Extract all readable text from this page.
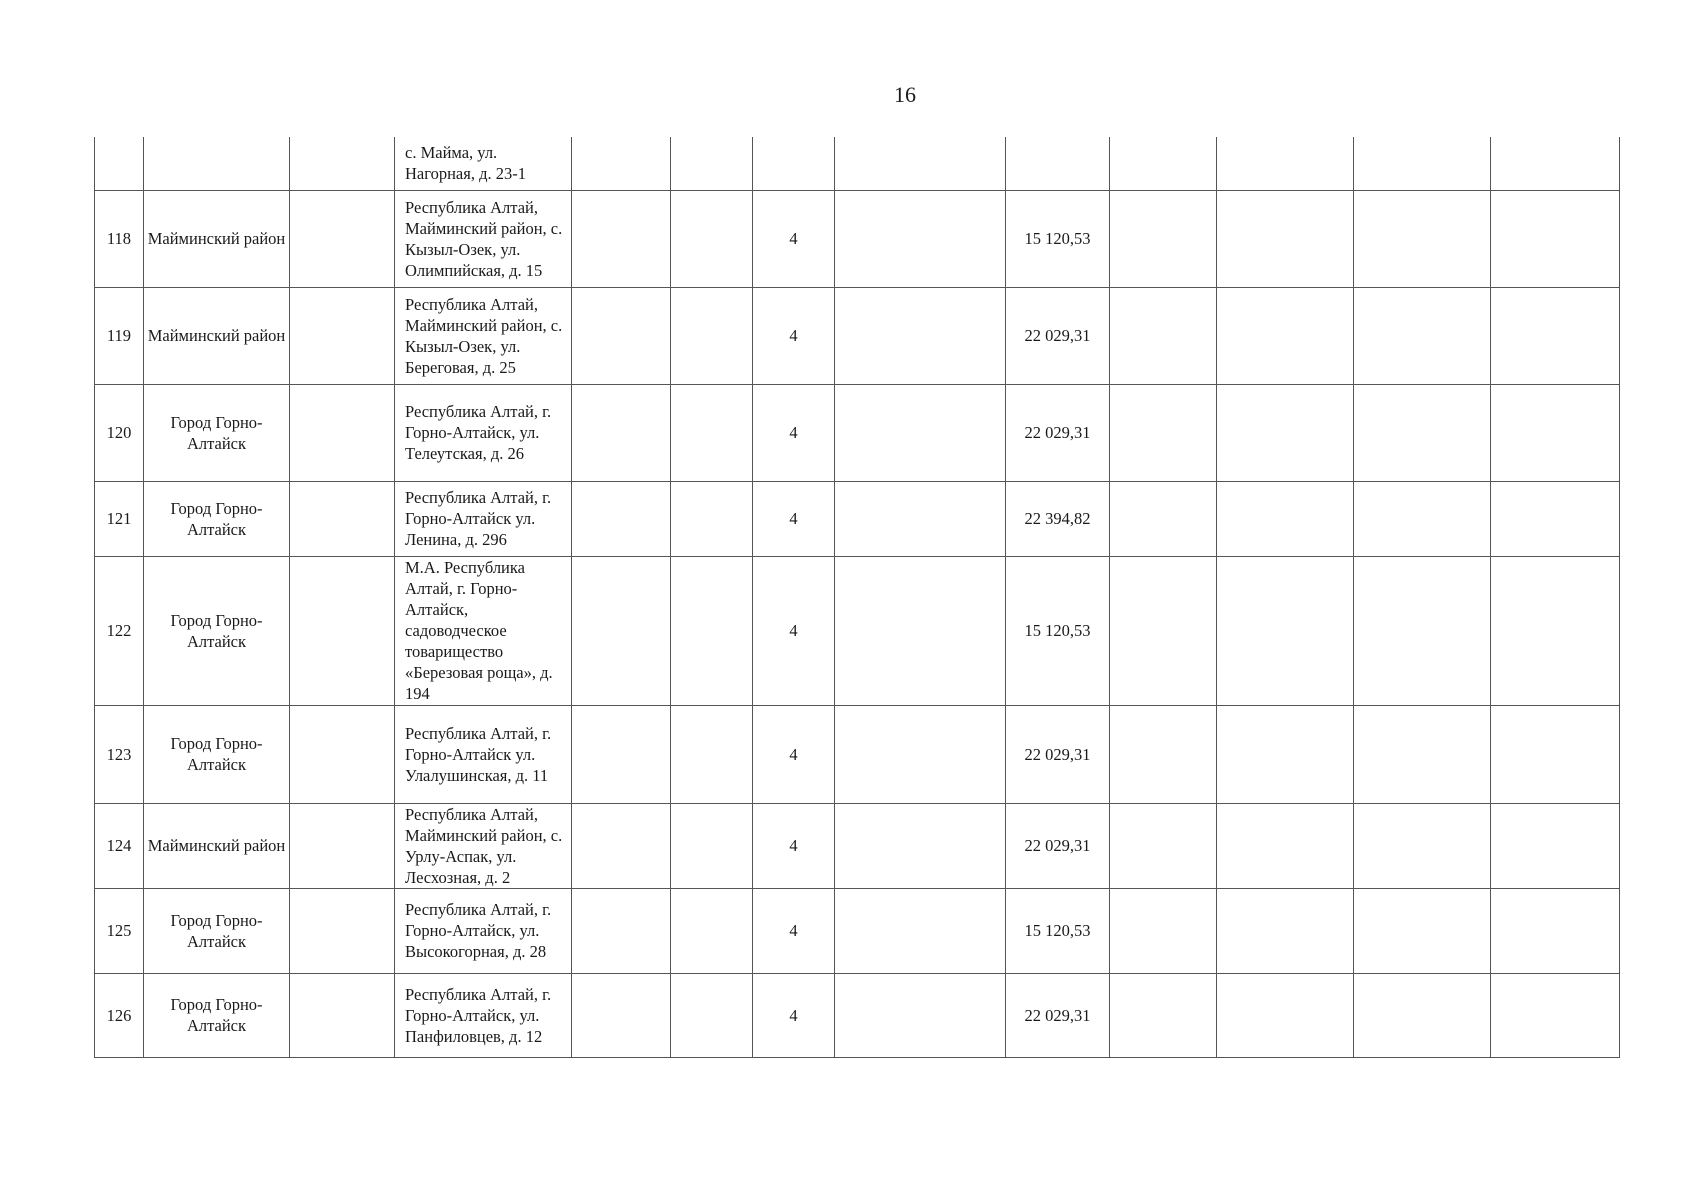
16
			с. Майма, ул. Нагорная, д. 23-1									
118	Майминский район		Республика Алтай, Майминский район, с. Кызыл-Озек, ул. Олимпийская, д. 15			4		15 120,53				
119	Майминский район		Республика Алтай, Майминский район, с. Кызыл-Озек, ул. Береговая, д. 25			4		22 029,31				
120	Город Горно-Алтайск		Республика Алтай, г. Горно-Алтайск, ул. Телеутская, д. 26			4		22 029,31				
121	Город Горно-Алтайск		Республика Алтай, г. Горно-Алтайск ул. Ленина, д. 296			4		22 394,82				
122	Город Горно-Алтайск		М.А. Республика Алтай, г. Горно-Алтайск, садоводческое товарищество «Березовая роща», д. 194			4		15 120,53				
123	Город Горно-Алтайск		Республика Алтай, г. Горно-Алтайск ул. Улалушинская, д. 11			4		22 029,31				
124	Майминский район		Республика Алтай, Майминский район, с. Урлу-Аспак, ул. Лесхозная, д. 2			4		22 029,31				
125	Город Горно-Алтайск		Республика Алтай, г. Горно-Алтайск, ул. Высокогорная, д. 28			4		15 120,53				
126	Город Горно-Алтайск		Республика Алтай, г. Горно-Алтайск, ул. Панфиловцев, д. 12			4		22 029,31				
